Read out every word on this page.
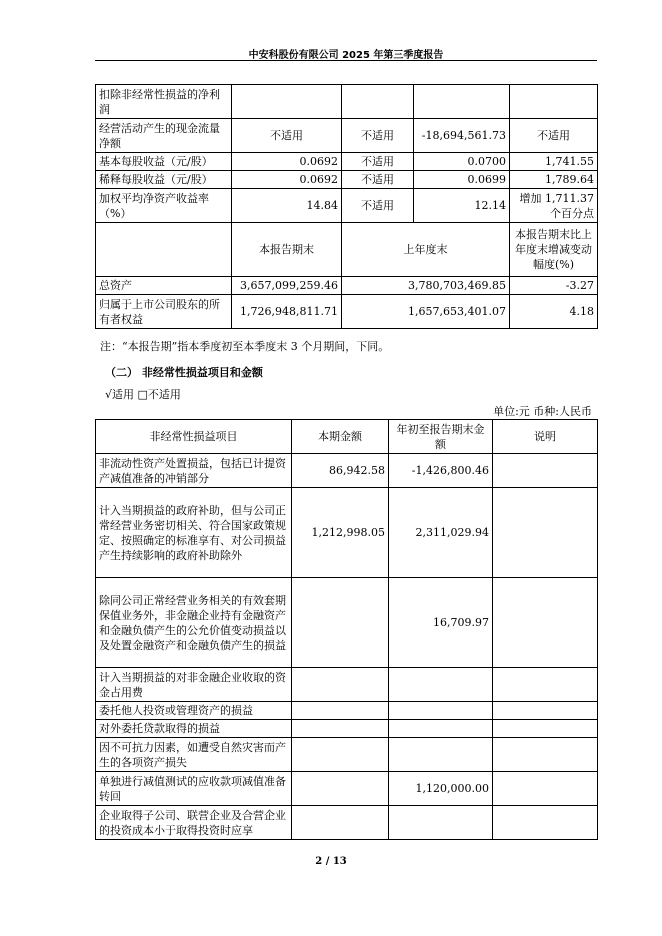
中安科股份有限公司 2025 年第三季度报告
扣除非经常性损益的净利润				
经营活动产生的现金流量净额	不适用	不适用	-18,694,561.73	不适用
基本每股收益（元/股）	0.0692	不适用	0.0700	1,741.55
稀释每股收益（元/股）	0.0692	不适用	0.0699	1,789.64
加权平均净资产收益率（%）	14.84	不适用	12.14	增加 1,711.37 个百分点
	本报告期末	上年度末		本报告期末比上年度末增减变动幅度(%)
总资产	3,657,099,259.46	3,780,703,469.85		-3.27
归属于上市公司股东的所有者权益	1,726,948,811.71	1,657,653,401.07		4.18
注：“本报告期”指本季度初至本季度末 3 个月期间，下同。
（二） 非经常性损益项目和金额
√适用 □不适用
单位:元 币种:人民币
非经常性损益项目	本期金额	年初至报告期末金额	说明
非流动性资产处置损益，包括已计提资产减值准备的冲销部分	86,942.58	-1,426,800.46	
计入当期损益的政府补助，但与公司正常经营业务密切相关、符合国家政策规定、按照确定的标准享有、对公司损益产生持续影响的政府补助除外	1,212,998.05	2,311,029.94	
除同公司正常经营业务相关的有效套期保值业务外，非金融企业持有金融资产和金融负债产生的公允价值变动损益以及处置金融资产和金融负债产生的损益		16,709.97	
计入当期损益的对非金融企业收取的资金占用费			
委托他人投资或管理资产的损益			
对外委托贷款取得的损益			
因不可抗力因素，如遭受自然灾害而产生的各项资产损失			
单独进行减值测试的应收款项减值准备转回		1,120,000.00	
企业取得子公司、联营企业及合营企业的投资成本小于取得投资时应享			
2 / 13
